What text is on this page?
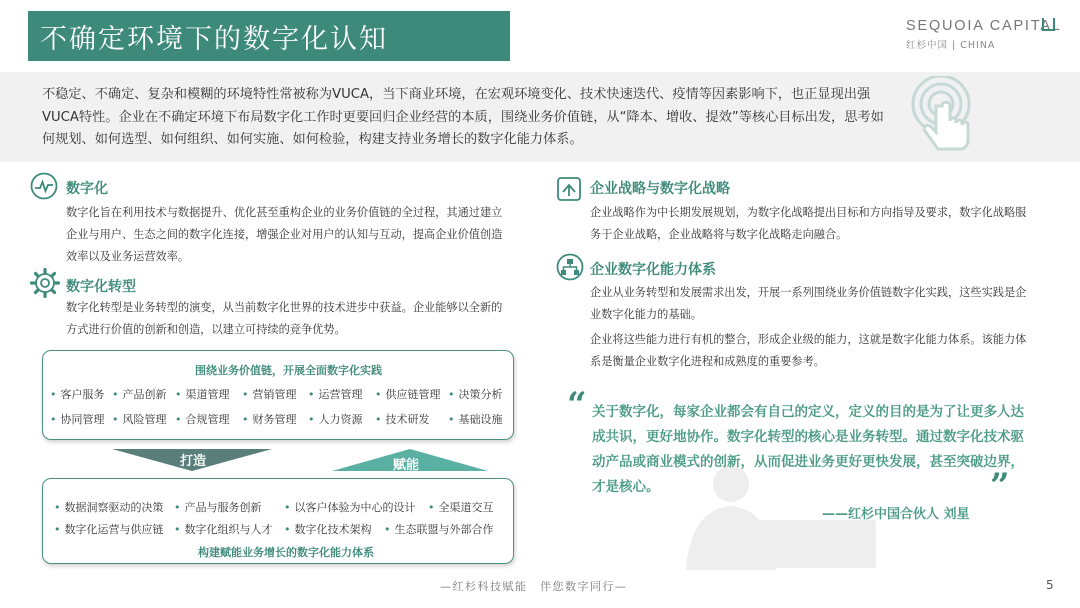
不确定环境下的数字化认知	SEQUOIA CAPITAL
红杉中国 | CHINA
不稳定、不确定、复杂和模糊的环境特性常被称为VUCA，当下商业环境，在宏观环境变化、技术快速迭代、疫情等因素影响下，也正显现出强VUCA特性。企业在不确定环境下布局数字化工作时更要回归企业经营的本质，围绕业务价值链，从“降本、增收、提效”等核心目标出发，思考如何规划、如何选型、如何组织、如何实施、如何检验，构建支持业务增长的数字化能力体系。
数字化
数字化旨在利用技术与数据提升、优化甚至重构企业的业务价值链的全过程，其通过建立企业与用户、生态之间的数字化连接，增强企业对用户的认知与互动，提高企业价值创造效率以及业务运营效率。
数字化转型
数字化转型是业务转型的演变，从当前数字化世界的技术进步中获益。企业能够以全新的方式进行价值的创新和创造，以建立可持续的竞争优势。
围绕业务价值链，开展全面数字化实践
• 客户服务	• 产品创新	• 渠道管理	• 营销管理	• 运营管理	• 供应链管理	• 决策分析
• 协同管理	• 风险管理	• 合规管理	• 财务管理	• 人力资源	• 技术研发	• 基础设施
打造	赋能
• 数据洞察驱动的决策	• 产品与服务创新	• 以客户体验为中心的设计	• 全渠道交互
• 数字化运营与供应链	• 数字化组织与人才	• 数字化技术架构	• 生态联盟与外部合作
构建赋能业务增长的数字化能力体系
企业战略与数字化战略
企业战略作为中长期发展规划，为数字化战略提出目标和方向指导及要求，数字化战略服务于企业战略，企业战略将与数字化战略走向融合。
企业数字化能力体系
企业从业务转型和发展需求出发，开展一系列围绕业务价值链数字化实践，这些实践是企业数字化能力的基础。
企业将这些能力进行有机的整合，形成企业级的能力，这就是数字化能力体系。该能力体系是衡量企业数字化进程和成熟度的重要参考。
“ 关于数字化，每家企业都会有自己的定义，定义的目的是为了让更多人达成共识，更好地协作。数字化转型的核心是业务转型。通过数字化技术驱动产品或商业模式的创新，从而促进业务更好更快发展，甚至突破边界，才是核心。	”
——红杉中国合伙人 刘星
—红杉科技赋能　伴您数字同行—	5
